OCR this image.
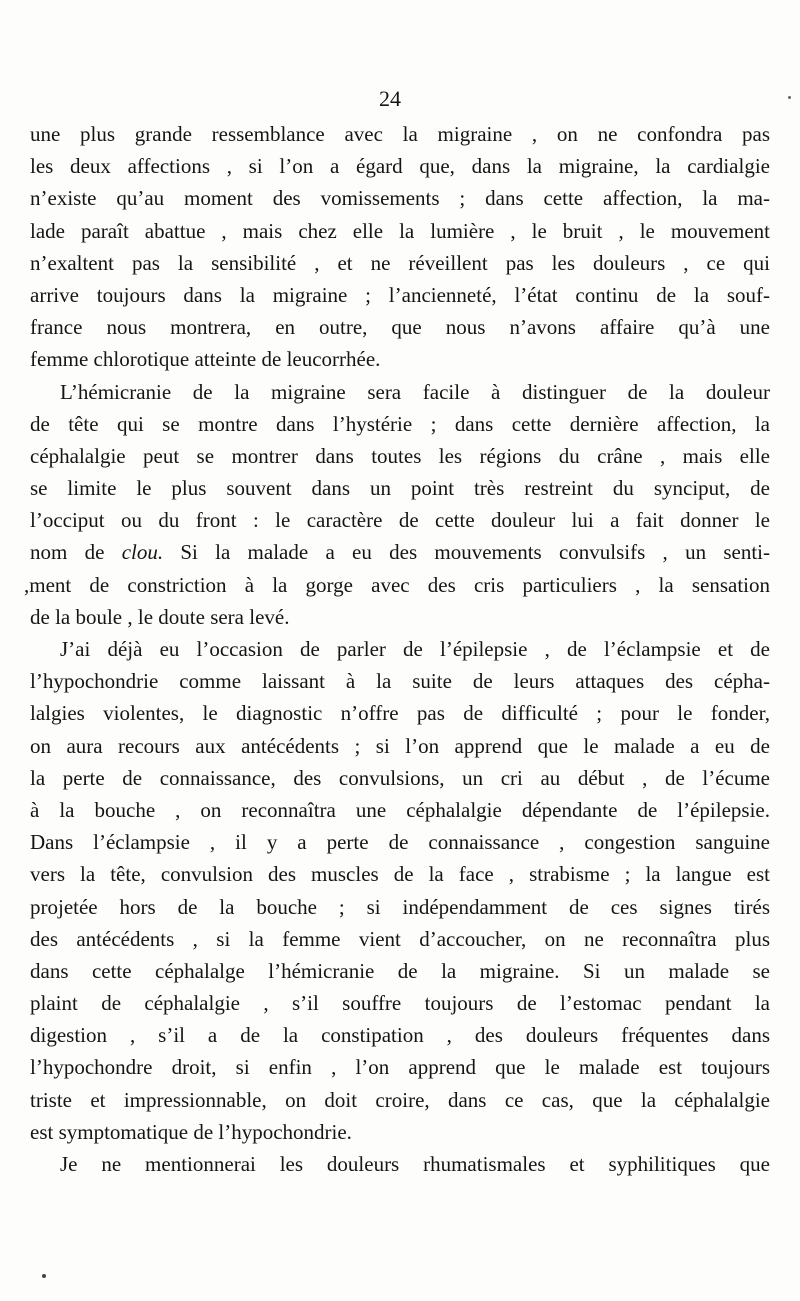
24
une plus grande ressemblance avec la migraine , on ne confondra pas
les deux affections , si l’on a égard que, dans la migraine, la cardialgie
n’existe qu’au moment des vomissements ; dans cette affection, la ma-
lade paraît abattue , mais chez elle la lumière , le bruit , le mouvement
n’exaltent pas la sensibilité , et ne réveillent pas les douleurs , ce qui
arrive toujours dans la migraine ; l’ancienneté, l’état continu de la souf-
france nous montrera, en outre, que nous n’avons affaire qu’à une
femme chlorotique atteinte de leucorrhée.
L’hémicranie de la migraine sera facile à distinguer de la douleur
de tête qui se montre dans l’hystérie ; dans cette dernière affection, la
céphalalgie peut se montrer dans toutes les régions du crâne , mais elle
se limite le plus souvent dans un point très restreint du synciput, de
l’occiput ou du front : le caractère de cette douleur lui a fait donner le
nom de clou. Si la malade a eu des mouvements convulsifs , un senti-
,ment de constriction à la gorge avec des cris particuliers , la sensation
de la boule , le doute sera levé.
J’ai déjà eu l’occasion de parler de l’épilepsie , de l’éclampsie et de
l’hypochondrie comme laissant à la suite de leurs attaques des cépha-
lalgies violentes, le diagnostic n’offre pas de difficulté ; pour le fonder,
on aura recours aux antécédents ; si l’on apprend que le malade a eu de
la perte de connaissance, des convulsions, un cri au début , de l’écume
à la bouche , on reconnaîtra une céphalalgie dépendante de l’épilepsie.
Dans l’éclampsie , il y a perte de connaissance , congestion sanguine
vers la tête, convulsion des muscles de la face , strabisme ; la langue est
projetée hors de la bouche ; si indépendamment de ces signes tirés
des antécédents , si la femme vient d’accoucher, on ne reconnaîtra plus
dans cette céphalalge l’hémicranie de la migraine. Si un malade se
plaint de céphalalgie , s’il souffre toujours de l’estomac pendant la
digestion , s’il a de la constipation , des douleurs fréquentes dans
l’hypochondre droit, si enfin , l’on apprend que le malade est toujours
triste et impressionnable, on doit croire, dans ce cas, que la céphalalgie
est symptomatique de l’hypochondrie.
Je ne mentionnerai les douleurs rhumatismales et syphilitiques que
